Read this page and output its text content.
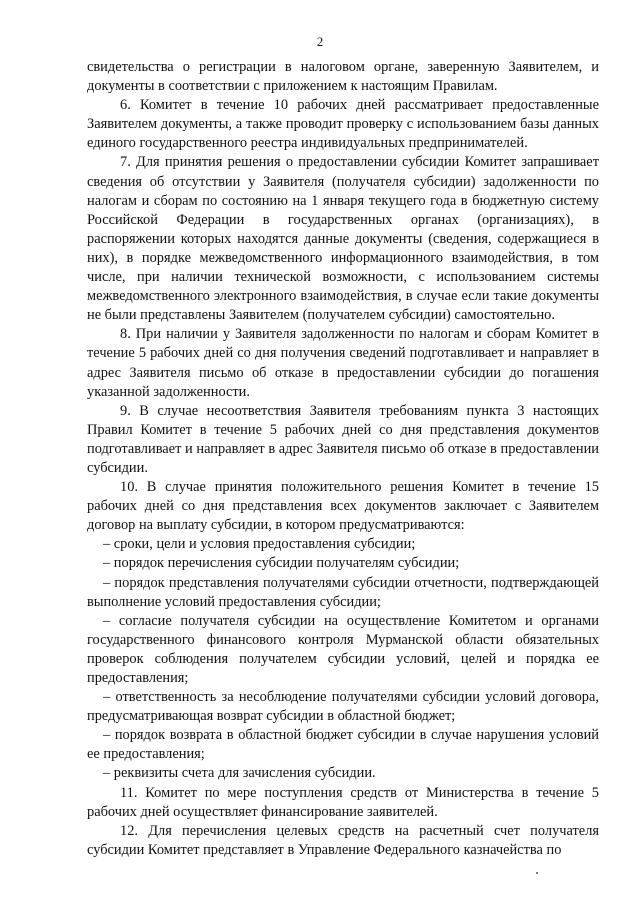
2

свидетельства о регистрации в налоговом органе, заверенную Заявителем, и документы в соответствии с приложением к настоящим Правилам.

6. Комитет в течение 10 рабочих дней рассматривает предоставленные Заявителем документы, а также проводит проверку с использованием базы данных единого государственного реестра индивидуальных предпринимателей.

7. Для принятия решения о предоставлении субсидии Комитет запрашивает сведения об отсутствии у Заявителя (получателя субсидии) задолженности по налогам и сборам по состоянию на 1 января текущего года в бюджетную систему Российской Федерации в государственных органах (организациях), в распоряжении которых находятся данные документы (сведения, содержащиеся в них), в порядке межведомственного информационного взаимодействия, в том числе, при наличии технической возможности, с использованием системы межведомственного электронного взаимодействия, в случае если такие документы не были представлены Заявителем (получателем субсидии) самостоятельно.

8. При наличии у Заявителя задолженности по налогам и сборам Комитет в течение 5 рабочих дней со дня получения сведений подготавливает и направляет в адрес Заявителя письмо об отказе в предоставлении субсидии до погашения указанной задолженности.

9. В случае несоответствия Заявителя требованиям пункта 3 настоящих Правил Комитет в течение 5 рабочих дней со дня представления документов подготавливает и направляет в адрес Заявителя письмо об отказе в предоставлении субсидии.

10. В случае принятия положительного решения Комитет в течение 15 рабочих дней со дня представления всех документов заключает с Заявителем договор на выплату субсидии, в котором предусматриваются:

– сроки, цели и условия предоставления субсидии;

– порядок перечисления субсидии получателям субсидии;

– порядок представления получателями субсидии отчетности, подтверждающей выполнение условий предоставления субсидии;

– согласие получателя субсидии на осуществление Комитетом и органами государственного финансового контроля Мурманской области обязательных проверок соблюдения получателем субсидии условий, целей и порядка ее предоставления;

– ответственность за несоблюдение получателями субсидии условий договора, предусматривающая возврат субсидии в областной бюджет;

– порядок возврата в областной бюджет субсидии в случае нарушения условий ее предоставления;

– реквизиты счета для зачисления субсидии.

11. Комитет по мере поступления средств от Министерства в течение 5 рабочих дней осуществляет финансирование заявителей.

12. Для перечисления целевых средств на расчетный счет получателя субсидии Комитет представляет в Управление Федерального казначейства по
